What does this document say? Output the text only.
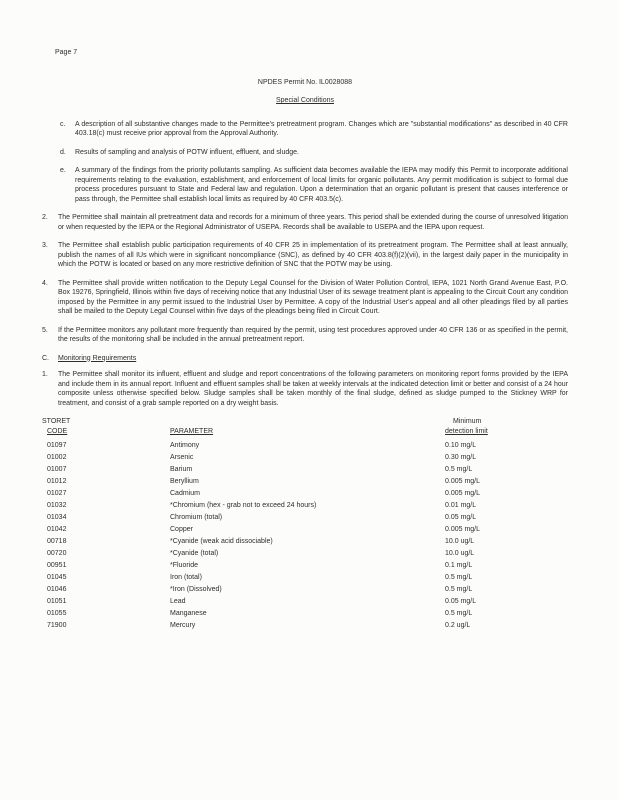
Page 7
NPDES Permit No. IL0028088
Special Conditions
c.	A description of all substantive changes made to the Permittee's pretreatment program. Changes which are "substantial modifications" as described in 40 CFR 403.18(c) must receive prior approval from the Approval Authority.
d.	Results of sampling and analysis of POTW influent, effluent, and sludge.
e.	A summary of the findings from the priority pollutants sampling. As sufficient data becomes available the IEPA may modify this Permit to incorporate additional requirements relating to the evaluation, establishment, and enforcement of local limits for organic pollutants. Any permit modification is subject to formal due process procedures pursuant to State and Federal law and regulation. Upon a determination that an organic pollutant is present that causes interference or pass through, the Permittee shall establish local limits as required by 40 CFR 403.5(c).
2.	The Permittee shall maintain all pretreatment data and records for a minimum of three years. This period shall be extended during the course of unresolved litigation or when requested by the IEPA or the Regional Administrator of USEPA. Records shall be available to USEPA and the IEPA upon request.
3.	The Permittee shall establish public participation requirements of 40 CFR 25 in implementation of its pretreatment program. The Permittee shall at least annually, publish the names of all IUs which were in significant noncompliance (SNC), as defined by 40 CFR 403.8(f)(2)(vii), in the largest daily paper in the municipality in which the POTW is located or based on any more restrictive definition of SNC that the POTW may be using.
4.	The Permittee shall provide written notification to the Deputy Legal Counsel for the Division of Water Pollution Control, IEPA, 1021 North Grand Avenue East, P.O. Box 19276, Springfield, Illinois within five days of receiving notice that any Industrial User of its sewage treatment plant is appealing to the Circuit Court any condition imposed by the Permittee in any permit issued to the Industrial User by Permittee. A copy of the Industrial User's appeal and all other pleadings filed by all parties shall be mailed to the Deputy Legal Counsel within five days of the pleadings being filed in Circuit Court.
5.	If the Permittee monitors any pollutant more frequently than required by the permit, using test procedures approved under 40 CFR 136 or as specified in the permit, the results of the monitoring shall be included in the annual pretreatment report.
C.	Monitoring Requirements
1.	The Permittee shall monitor its influent, effluent and sludge and report concentrations of the following parameters on monitoring report forms provided by the IEPA and include them in its annual report. Influent and effluent samples shall be taken at weekly intervals at the indicated detection limit or better and consist of a 24 hour composite unless otherwise specified below. Sludge samples shall be taken monthly of the final sludge, defined as sludge pumped to the Stickney WRP for treatment, and consist of a grab sample reported on a dry weight basis.
STORET	Minimum
CODE	PARAMETER	detection limit
01097	Antimony	0.10 mg/L
01002	Arsenic	0.30 mg/L
01007	Barium	0.5 mg/L
01012	Beryllium	0.005 mg/L
01027	Cadmium	0.005 mg/L
01032	*Chromium (hex - grab not to exceed 24 hours)	0.01 mg/L
01034	Chromium (total)	0.05 mg/L
01042	Copper	0.005 mg/L
00718	*Cyanide (weak acid dissociable)	10.0 ug/L
00720	*Cyanide (total)	10.0 ug/L
00951	*Fluoride	0.1 mg/L
01045	Iron (total)	0.5 mg/L
01046	*Iron (Dissolved)	0.5 mg/L
01051	Lead	0.05 mg/L
01055	Manganese	0.5 mg/L
71900	Mercury	0.2 ug/L
